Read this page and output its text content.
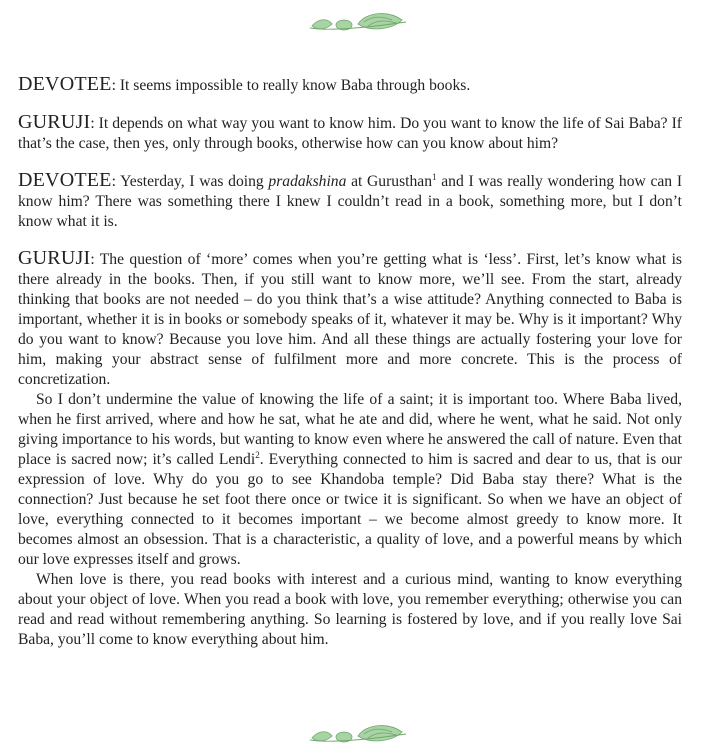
DEVOTEE: It seems impossible to really know Baba through books.

GURUJI: It depends on what way you want to know him. Do you want to know the life of Sai Baba? If that’s the case, then yes, only through books, otherwise how can you know about him?

DEVOTEE: Yesterday, I was doing pradakshina at Gurusthan$^1$ and I was really wondering how can I know him? There was something there I knew I couldn’t read in a book, something more, but I don’t know what it is.

GURUJI: The question of ‘more’ comes when you’re getting what is ‘less’. First, let’s know what is there already in the books. Then, if you still want to know more, we’ll see. From the start, already thinking that books are not needed – do you think that’s a wise attitude? Anything connected to Baba is important, whether it is in books or somebody speaks of it, whatever it may be. Why is it important? Why do you want to know? Because you love him. And all these things are actually fostering your love for him, making your abstract sense of fulfilment more and more concrete. This is the process of concretization.

So I don’t undermine the value of knowing the life of a saint; it is important too. Where Baba lived, when he first arrived, where and how he sat, what he ate and did, where he went, what he said. Not only giving importance to his words, but wanting to know even where he answered the call of nature. Even that place is sacred now; it’s called Lendi$^2$. Everything connected to him is sacred and dear to us, that is our expression of love. Why do you go to see Khandoba temple? Did Baba stay there? What is the connection? Just because he set foot there once or twice it is significant. So when we have an object of love, everything connected to it becomes important – we become almost greedy to know more. It becomes almost an obsession. That is a characteristic, a quality of love, and a powerful means by which our love expresses itself and grows.

When love is there, you read books with interest and a curious mind, wanting to know everything about your object of love. When you read a book with love, you remember everything; otherwise you can read and read without remembering anything. So learning is fostered by love, and if you really love Sai Baba, you’ll come to know everything about him.
